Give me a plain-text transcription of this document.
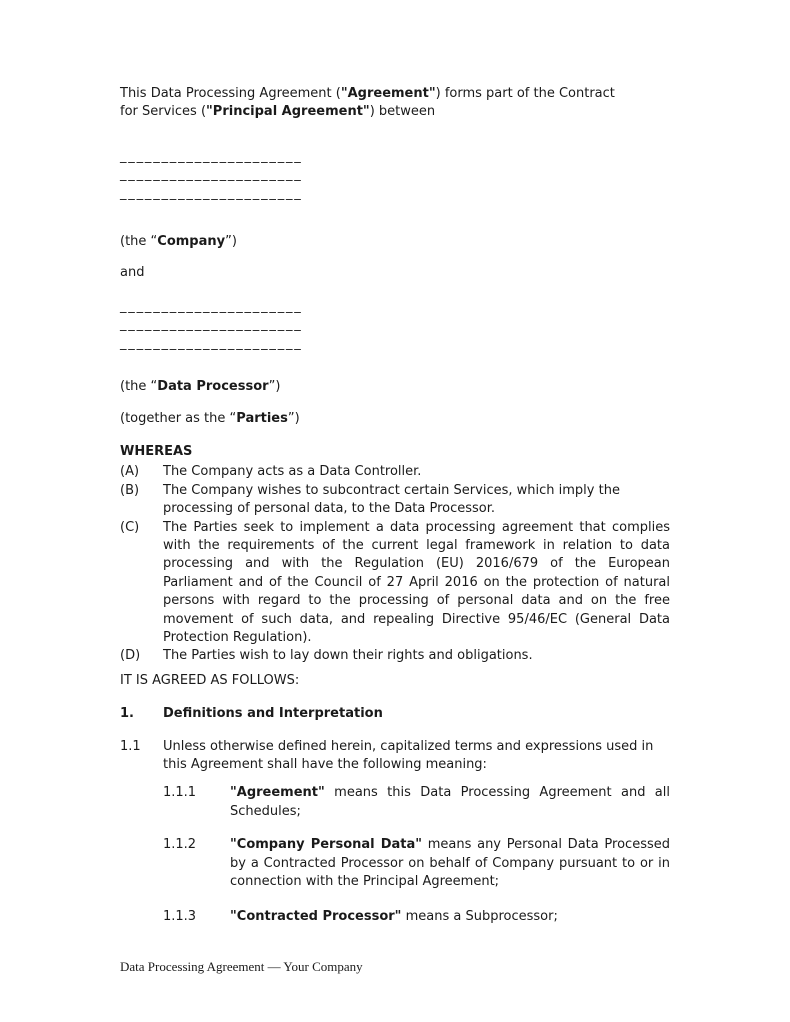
This Data Processing Agreement ("Agreement") forms part of the Contract
for Services ("Principal Agreement") between

______________________
______________________
______________________

(the “Company”)

and

______________________
______________________
______________________

(the “Data Processor”)

(together as the “Parties”)

WHEREAS

(A) The Company acts as a Data Controller.
(B) The Company wishes to subcontract certain Services, which imply the processing of personal data, to the Data Processor.
(C) The Parties seek to implement a data processing agreement that complies with the requirements of the current legal framework in relation to data processing and with the Regulation (EU) 2016/679 of the European Parliament and of the Council of 27 April 2016 on the protection of natural persons with regard to the processing of personal data and on the free movement of such data, and repealing Directive 95/46/EC (General Data Protection Regulation).
(D) The Parties wish to lay down their rights and obligations.

IT IS AGREED AS FOLLOWS:

1. Definitions and Interpretation
1.1 Unless otherwise defined herein, capitalized terms and expressions used in this Agreement shall have the following meaning:
1.1.1	"Agreement" means this Data Processing Agreement and all Schedules;
1.1.2	"Company Personal Data" means any Personal Data Processed by a Contracted Processor on behalf of Company pursuant to or in connection with the Principal Agreement;
1.1.3	"Contracted Processor" means a Subprocessor;
Data Processing Agreement — Your Company
